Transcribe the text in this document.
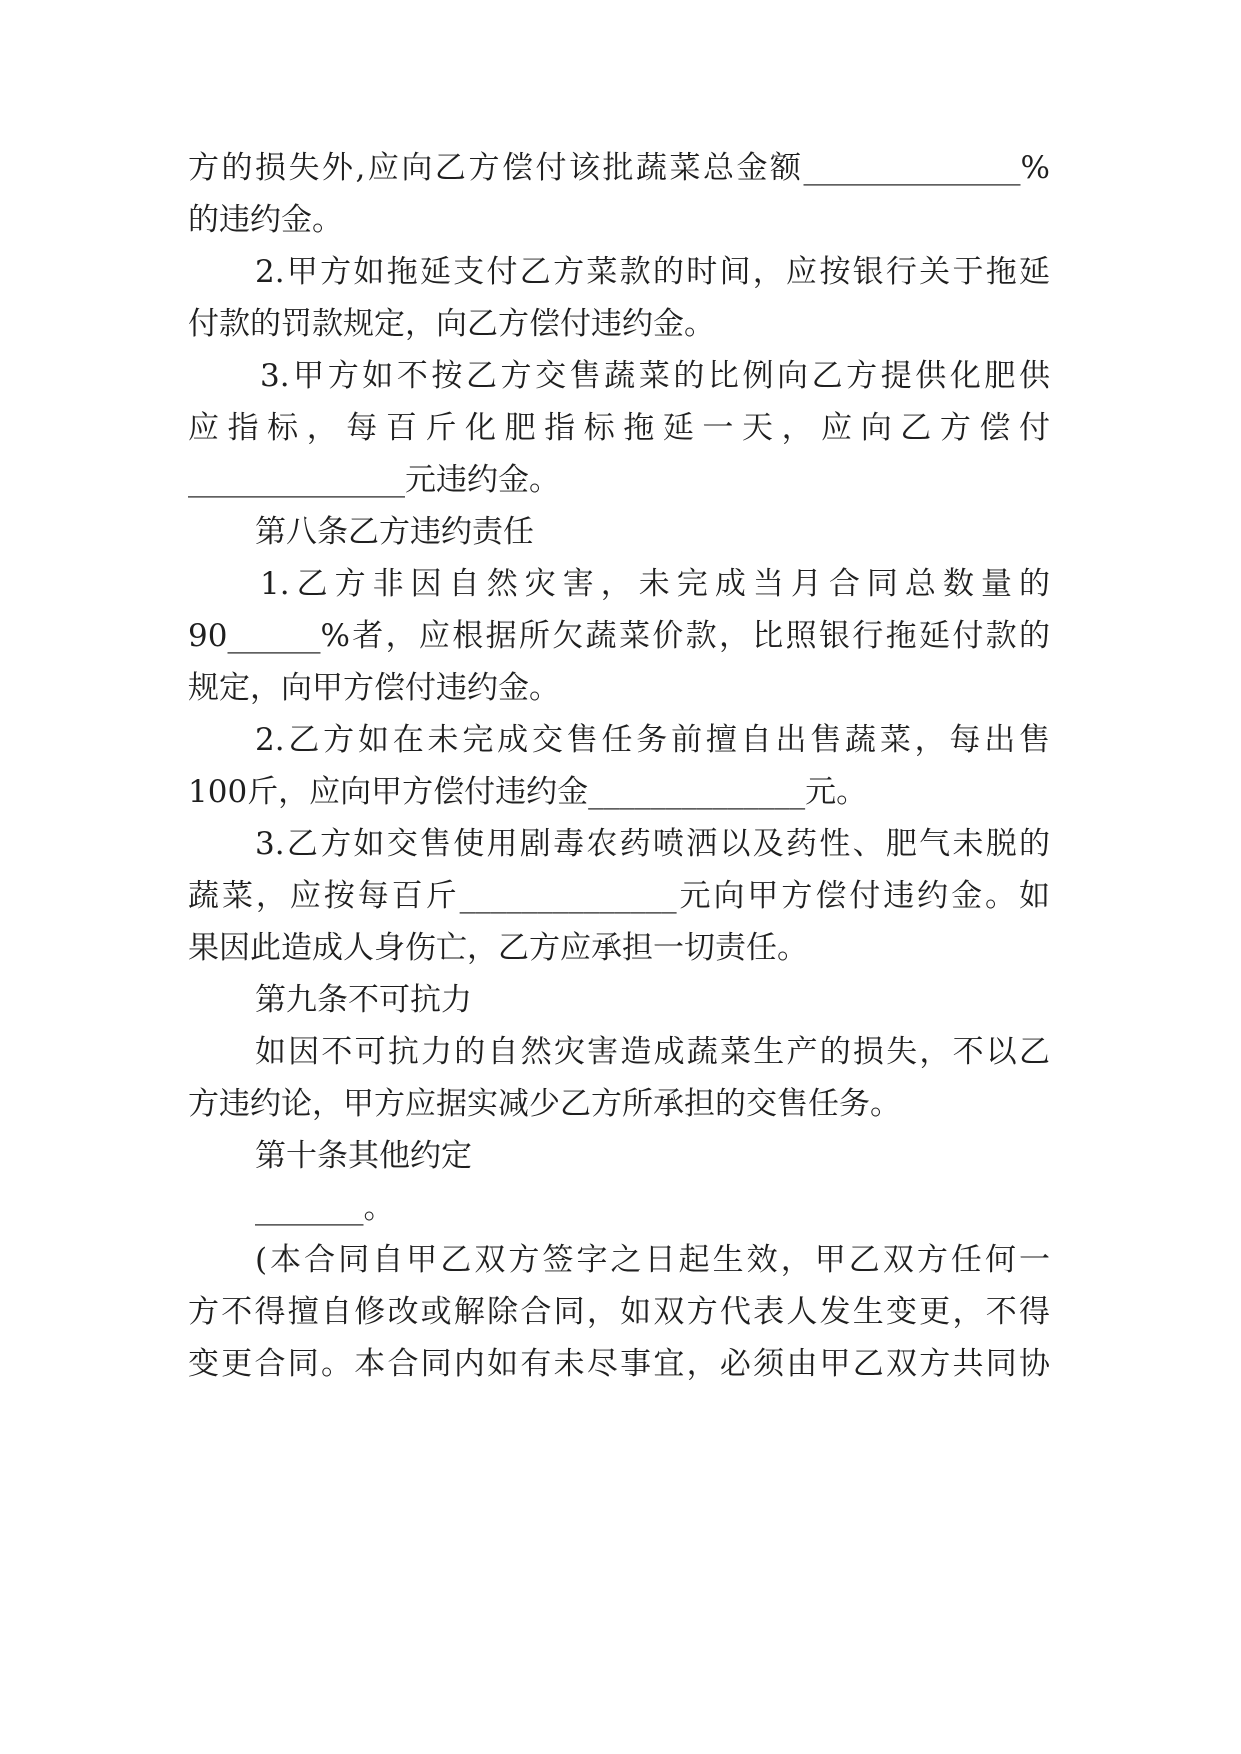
方的损失外,应向乙方偿付该批蔬菜总金额______________%
的违约金。
2.甲方如拖延支付乙方菜款的时间，应按银行关于拖延
付款的罚款规定，向乙方偿付违约金。
3.甲方如不按乙方交售蔬菜的比例向乙方提供化肥供
应指标，每百斤化肥指标拖延一天，应向乙方偿付
______________元违约金。
第八条乙方违约责任
1.乙方非因自然灾害，未完成当月合同总数量的
90______%者，应根据所欠蔬菜价款，比照银行拖延付款的
规定，向甲方偿付违约金。
2.乙方如在未完成交售任务前擅自出售蔬菜，每出售
100斤，应向甲方偿付违约金______________元。
3.乙方如交售使用剧毒农药喷洒以及药性、肥气未脱的
蔬菜，应按每百斤______________元向甲方偿付违约金。如
果因此造成人身伤亡，乙方应承担一切责任。
第九条不可抗力
如因不可抗力的自然灾害造成蔬菜生产的损失，不以乙
方违约论，甲方应据实减少乙方所承担的交售任务。
第十条其他约定
_______。
(本合同自甲乙双方签字之日起生效，甲乙双方任何一
方不得擅自修改或解除合同，如双方代表人发生变更，不得
变更合同。本合同内如有未尽事宜，必须由甲乙双方共同协
